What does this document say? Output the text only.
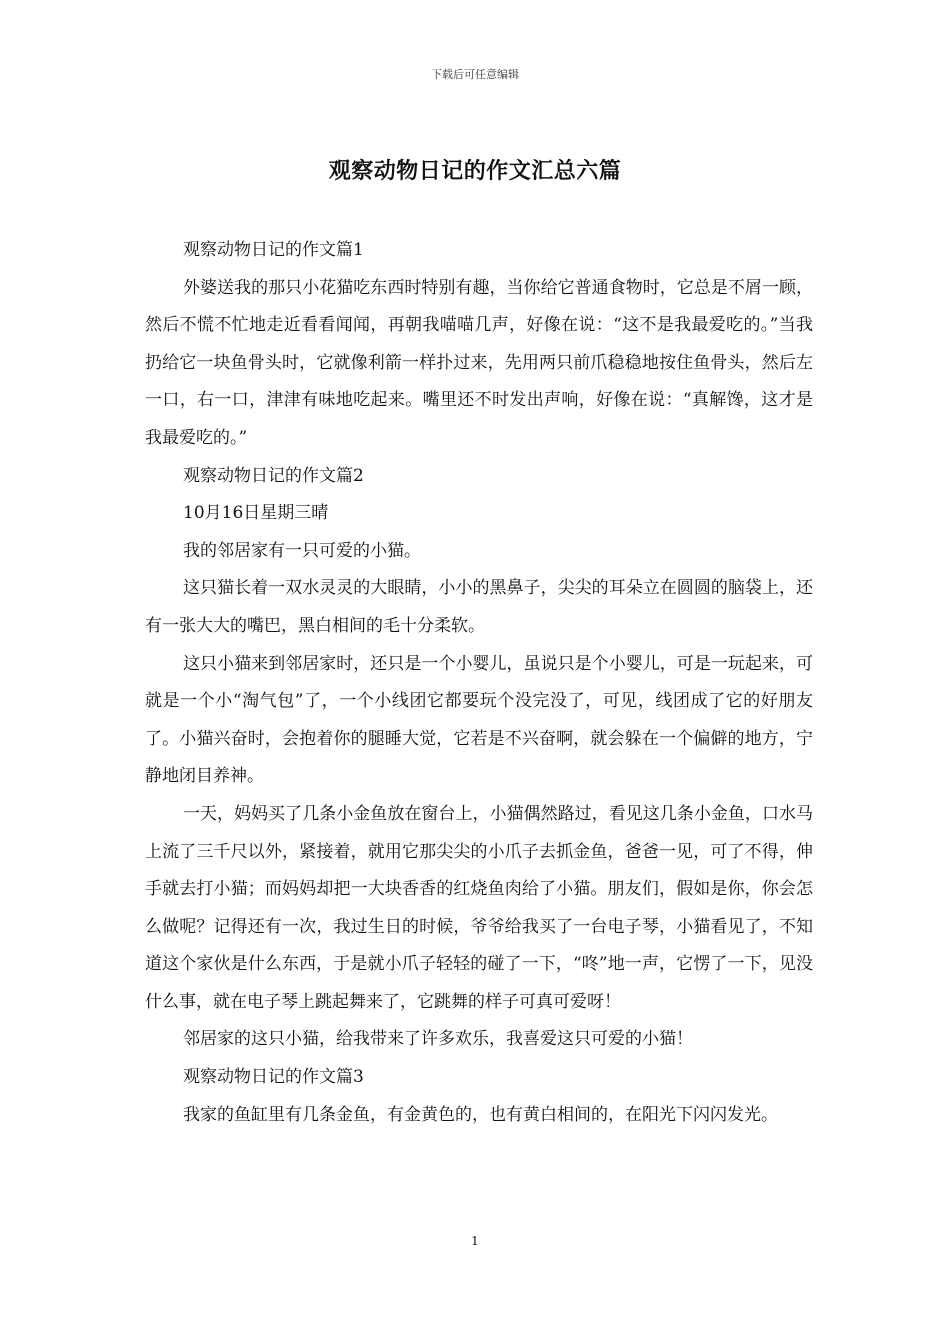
下载后可任意编辑
观察动物日记的作文汇总六篇

观察动物日记的作文篇1

外婆送我的那只小花猫吃东西时特别有趣，当你给它普通食物时，它总是不屑一顾，然后不慌不忙地走近看看闻闻，再朝我喵喵几声，好像在说：“这不是我最爱吃的。”当我扔给它一块鱼骨头时，它就像利箭一样扑过来，先用两只前爪稳稳地按住鱼骨头，然后左一口，右一口，津津有味地吃起来。嘴里还不时发出声响，好像在说：“真解馋，这才是我最爱吃的。”

观察动物日记的作文篇2

10月16日星期三晴

我的邻居家有一只可爱的小猫。

这只猫长着一双水灵灵的大眼睛，小小的黑鼻子，尖尖的耳朵立在圆圆的脑袋上，还有一张大大的嘴巴，黑白相间的毛十分柔软。

这只小猫来到邻居家时，还只是一个小婴儿，虽说只是个小婴儿，可是一玩起来，可就是一个小“淘气包”了，一个小线团它都要玩个没完没了，可见，线团成了它的好朋友了。小猫兴奋时，会抱着你的腿睡大觉，它若是不兴奋啊，就会躲在一个偏僻的地方，宁静地闭目养神。

一天，妈妈买了几条小金鱼放在窗台上，小猫偶然路过，看见这几条小金鱼，口水马上流了三千尺以外，紧接着，就用它那尖尖的小爪子去抓金鱼，爸爸一见，可了不得，伸手就去打小猫；而妈妈却把一大块香香的红烧鱼肉给了小猫。朋友们，假如是你，你会怎么做呢？记得还有一次，我过生日的时候，爷爷给我买了一台电子琴，小猫看见了，不知道这个家伙是什么东西，于是就小爪子轻轻的碰了一下，“咚”地一声，它愣了一下，见没什么事，就在电子琴上跳起舞来了，它跳舞的样子可真可爱呀！

邻居家的这只小猫，给我带来了许多欢乐，我喜爱这只可爱的小猫！

观察动物日记的作文篇3

我家的鱼缸里有几条金鱼，有金黄色的，也有黄白相间的，在阳光下闪闪发光。

1
